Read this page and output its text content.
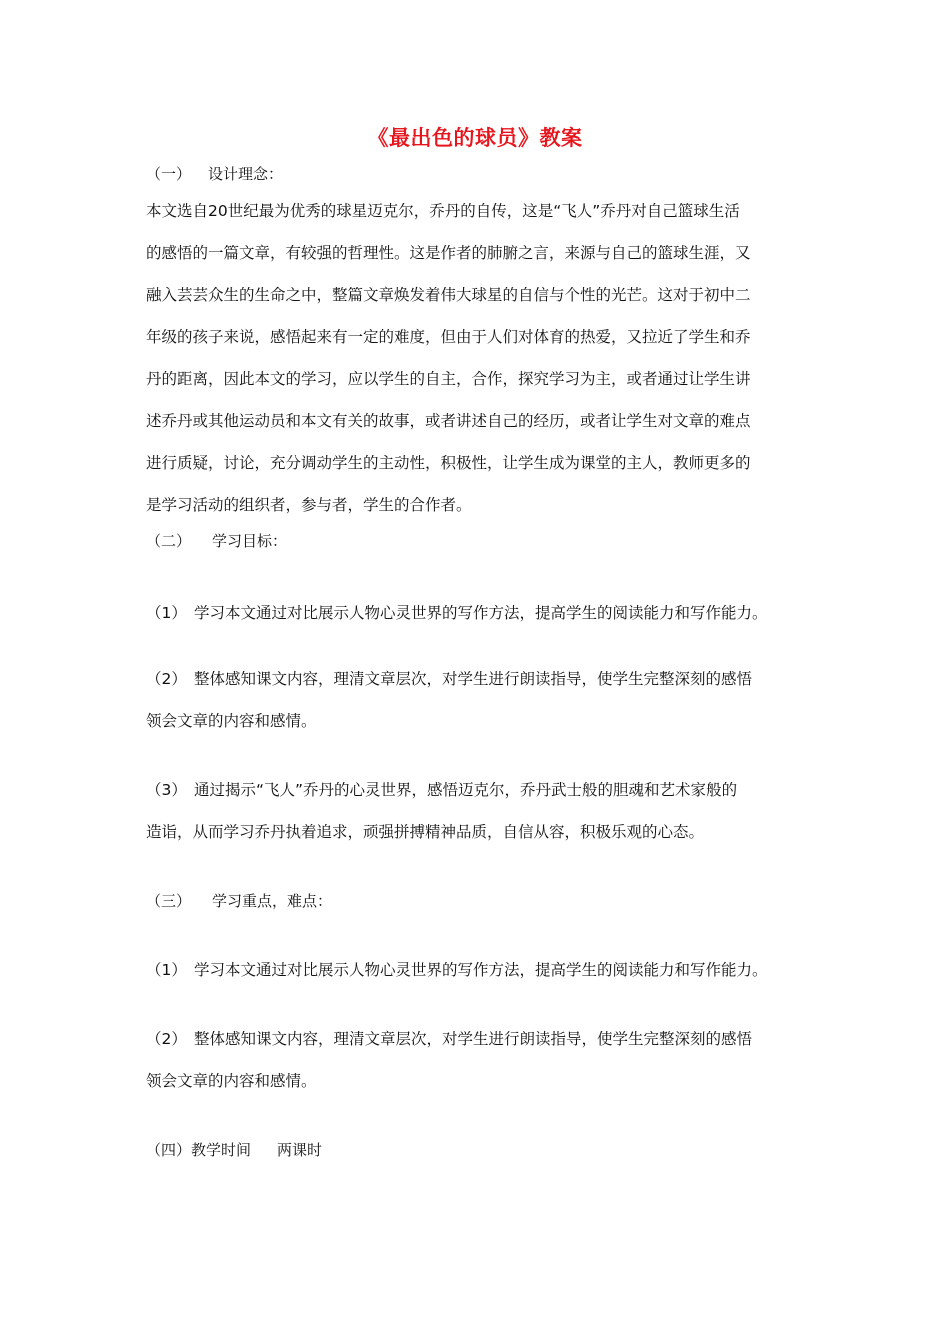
《最出色的球员》教案
（一） 设计理念：
本文选自20世纪最为优秀的球星迈克尔，乔丹的自传，这是“飞人”乔丹对自己篮球生活
的感悟的一篇文章，有较强的哲理性。这是作者的肺腑之言，来源与自己的篮球生涯，又
融入芸芸众生的生命之中，整篇文章焕发着伟大球星的自信与个性的光芒。这对于初中二
年级的孩子来说，感悟起来有一定的难度，但由于人们对体育的热爱，又拉近了学生和乔
丹的距离，因此本文的学习，应以学生的自主，合作，探究学习为主，或者通过让学生讲
述乔丹或其他运动员和本文有关的故事，或者讲述自己的经历，或者让学生对文章的难点
进行质疑，讨论，充分调动学生的主动性，积极性，让学生成为课堂的主人，教师更多的
是学习活动的组织者，参与者，学生的合作者。
（二） 学习目标：
（1） 学习本文通过对比展示人物心灵世界的写作方法，提高学生的阅读能力和写作能力。
（2） 整体感知课文内容，理清文章层次，对学生进行朗读指导，使学生完整深刻的感悟
领会文章的内容和感情。
（3） 通过揭示“飞人”乔丹的心灵世界，感悟迈克尔，乔丹武士般的胆魂和艺术家般的
造诣，从而学习乔丹执着追求，顽强拼搏精神品质，自信从容，积极乐观的心态。
（三） 学习重点，难点：
（1） 学习本文通过对比展示人物心灵世界的写作方法，提高学生的阅读能力和写作能力。
（2） 整体感知课文内容，理清文章层次，对学生进行朗读指导，使学生完整深刻的感悟
领会文章的内容和感情。
（四）教学时间 两课时
